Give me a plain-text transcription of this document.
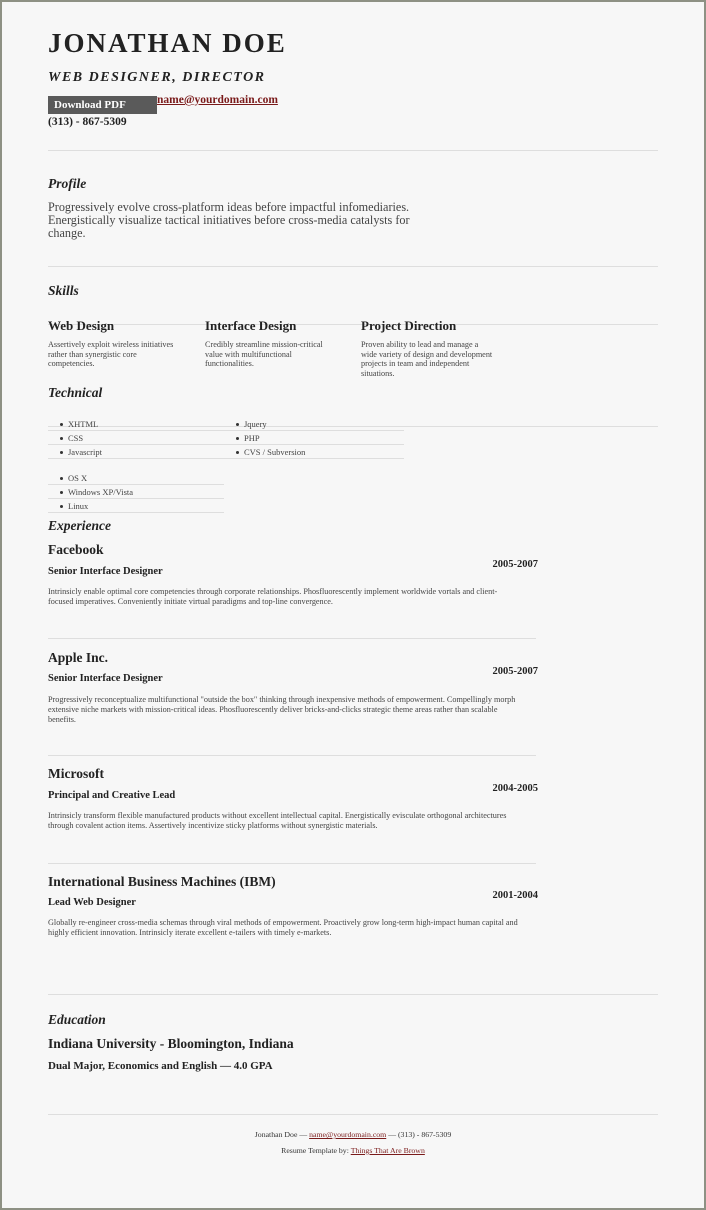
JONATHAN DOE
WEB DESIGNER, DIRECTOR
Download PDF	name@yourdomain.com
(313) - 867-5309
Profile
Progressively evolve cross-platform ideas before impactful infomediaries. Energistically visualize tactical initiatives before cross-media catalysts for change.
Skills
Web Design
Assertively exploit wireless initiatives rather than synergistic core competencies.
Interface Design
Credibly streamline mission-critical value with multifunctional functionalities.
Project Direction
Proven ability to lead and manage a wide variety of design and development projects in team and independent situations.
Technical
XHTML
CSS
Javascript
Jquery
PHP
CVS / Subversion
OS X
Windows XP/Vista
Linux
Experience
Facebook
2005-2007
Senior Interface Designer
Intrinsicly enable optimal core competencies through corporate relationships. Phosfluorescently implement worldwide vortals and client-focused imperatives. Conveniently initiate virtual paradigms and top-line convergence.
Apple Inc.
2005-2007
Senior Interface Designer
Progressively reconceptualize multifunctional "outside the box" thinking through inexpensive methods of empowerment. Compellingly morph extensive niche markets with mission-critical ideas. Phosfluorescently deliver bricks-and-clicks strategic theme areas rather than scalable benefits.
Microsoft
2004-2005
Principal and Creative Lead
Intrinsicly transform flexible manufactured products without excellent intellectual capital. Energistically evisculate orthogonal architectures through covalent action items. Assertively incentivize sticky platforms without synergistic materials.
International Business Machines (IBM)
2001-2004
Lead Web Designer
Globally re-engineer cross-media schemas through viral methods of empowerment. Proactively grow long-term high-impact human capital and highly efficient innovation. Intrinsicly iterate excellent e-tailers with timely e-markets.
Education
Indiana University - Bloomington, Indiana
Dual Major, Economics and English — 4.0 GPA
Jonathan Doe — name@yourdomain.com — (313) - 867-5309
Resume Template by: Things That Are Brown
